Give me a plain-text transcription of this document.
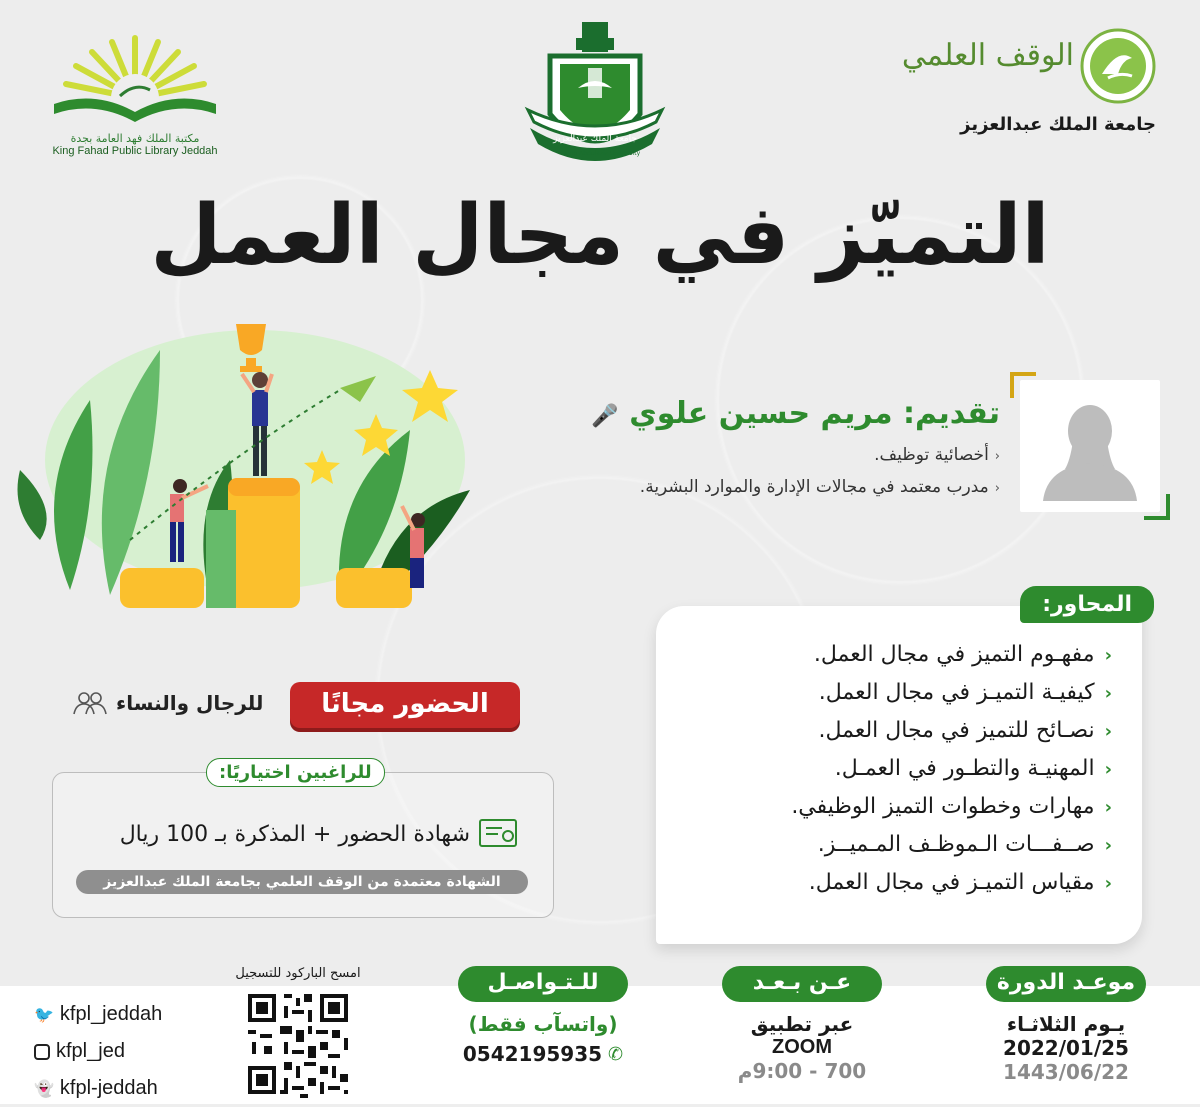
الوقف العلمي
جامعة الملك عبدالعزيز
جامعة الملك عبدالعزيز
King Abdulaziz University
مكتبة الملك فهد العامة بجدة
King Fahad Public Library Jeddah
التميّز في مجال العمل
تقديم: مريم حسين علوي 🎤
‹أخصائية توظيف.
‹مدرب معتمد في مجالات الإدارة والموارد البشرية.
‹مفهـوم التميز في مجال العمل.
‹كيفيـة التميـز في مجال العمل.
‹نصـائح للتميز في مجال العمل.
‹المهنيـة والتطـور في العمـل.
‹مهارات وخطوات التميز الوظيفي.
‹صــفـــات الـموظـف المـميــز.
‹مقياس التميـز في مجال العمل.
المحاور:
الحضور مجانًا
للرجال والنساء
للراغبين اختياريًا:
شهادة الحضور + المذكرة بـ 100 ريال
الشهادة معتمدة من الوقف العلمي بجامعة الملك عبدالعزيز
موعـد الدورة
يـوم الثلاثـاء
2022/01/25
1443/06/22
عـن بـعـد
عبر تطبيق
ZOOM
700 - 9:00م
للـتـواصـل
(واتسآب فقط)
✆
0542195935
امسح الباركود للتسجيل
🐦 kfpl_jeddah
kfpl_jed
👻 kfpl-jeddah
